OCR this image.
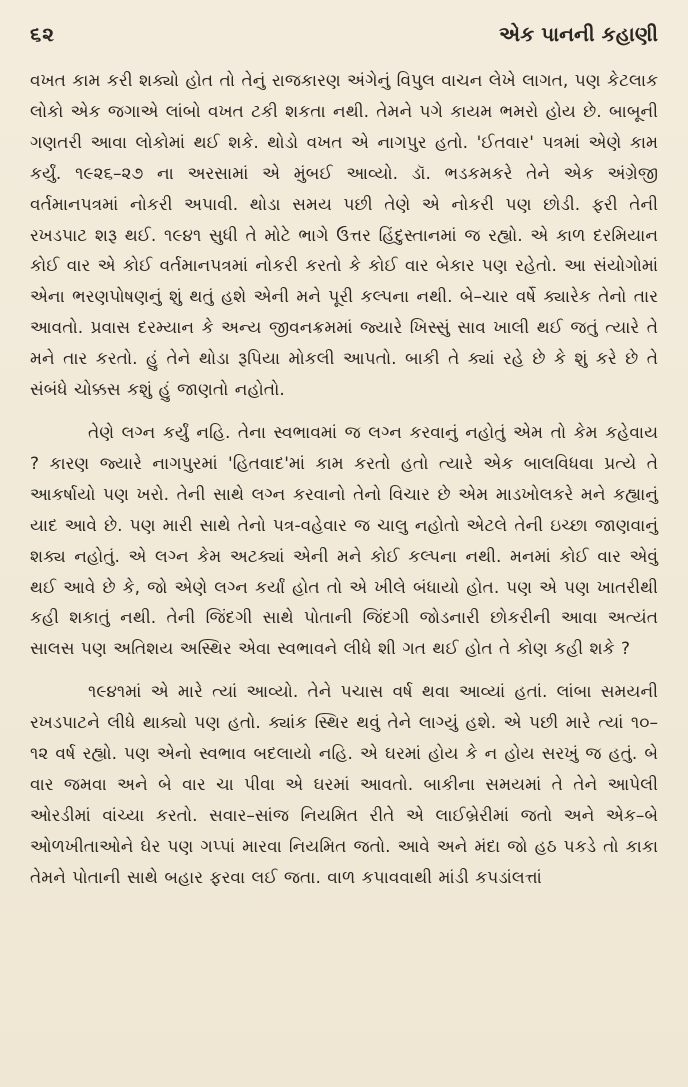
૬૨	એક પાનની કહાણી

વખત કામ કરી શક્યો હોત તો તેનું રાજકારણ અંગેનું વિપુલ વાચન લેખે લાગત, પણ કેટલાક લોકો એક જગાએ લાંબો વખત ટકી શકતા નથી. તેમને પગે કાયમ ભમરો હોય છે. બાબૂની ગણતરી આવા લોકોમાં થઈ શકે. થોડો વખત એ નાગપુર હતો. 'ઈતવાર' પત્રમાં એણે કામ કર્યું. ૧૯૨૬–૨૭ ના અરસામાં એ મુંબઈ આવ્યો. ડૉ. ભડકમકરે તેને એક અંગ્રેજી વર્તમાનપત્રમાં નોકરી અપાવી. થોડા સમય પછી તેણે એ નોકરી પણ છોડી. ફરી તેની રખડપાટ શરૂ થઈ. ૧૯૪૧ સુધી તે મોટે ભાગે ઉત્તર હિંદુસ્તાનમાં જ રહ્યો. એ કાળ દરમિયાન કોઈ વાર એ કોઈ વર્તમાનપત્રમાં નોકરી કરતો કે કોઈ વાર બેકાર પણ રહેતો. આ સંયોગોમાં એના ભરણપોષણનું શું થતું હશે એની મને પૂરી કલ્પના નથી. બે–ચાર વર્ષે ક્યારેક તેનો તાર આવતો. પ્રવાસ દરમ્યાન કે અન્ય જીવનક્રમમાં જ્યારે ખિસ્સું સાવ ખાલી થઈ જતું ત્યારે તે મને તાર કરતો. હું તેને થોડા રૂપિયા મોકલી આપતો. બાકી તે ક્યાં રહે છે કે શું કરે છે તે સંબંધે ચોક્કસ કશું હું જાણતો નહોતો.

તેણે લગ્ન કર્યું નહિ. તેના સ્વભાવમાં જ લગ્ન કરવાનું નહોતું એમ તો કેમ કહેવાય ? કારણ જ્યારે નાગપુરમાં 'હિતવાદ'માં કામ કરતો હતો ત્યારે એક બાલવિધવા પ્રત્યે તે આકર્ષાયો પણ ખરો. તેની સાથે લગ્ન કરવાનો તેનો વિચાર છે એમ માડખોલકરે મને કહ્યાનું યાદ આવે છે. પણ મારી સાથે તેનો પત્ર-વહેવાર જ ચાલુ નહોતો એટલે તેની ઇચ્છા જાણવાનું શક્ય નહોતું. એ લગ્ન કેમ અટક્યાં એની મને કોઈ કલ્પના નથી. મનમાં કોઈ વાર એવું થઈ આવે છે કે, જો એણે લગ્ન કર્યાં હોત તો એ ખીલે બંધાયો હોત. પણ એ પણ ખાતરીથી કહી શકાતું નથી. તેની જિંદગી સાથે પોતાની જિંદગી જોડનારી છોકરીની આવા અત્યંત સાલસ પણ અતિશય અસ્થિર એવા સ્વભાવને લીધે શી ગત થઈ હોત તે કોણ કહી શકે ?

૧૯૪૧માં એ મારે ત્યાં આવ્યો. તેને પચાસ વર્ષ થવા આવ્યાં હતાં. લાંબા સમયની રખડપાટને લીધે થાક્યો પણ હતો. ક્યાંક સ્થિર થવું તેને લાગ્યું હશે. એ પછી મારે ત્યાં ૧૦–૧૨ વર્ષ રહ્યો. પણ એનો સ્વભાવ બદલાયો નહિ. એ ઘરમાં હોય કે ન હોય સરખું જ હતું. બે વાર જમવા અને બે વાર ચા પીવા એ ઘરમાં આવતો. બાકીના સમયમાં તે તેને આપેલી ઓરડીમાં વાંચ્યા કરતો. સવાર–સાંજ નિયમિત રીતે એ લાઈબ્રેરીમાં જતો અને એક–બે ઓળખીતાઓને ઘેર પણ ગપ્પાં મારવા નિયમિત જતો. આવે અને મંદા જો હઠ પકડે તો કાકા તેમને પોતાની સાથે બહાર ફરવા લઈ જતા. વાળ કપાવવાથી માંડી કપડાંલત્તાં
